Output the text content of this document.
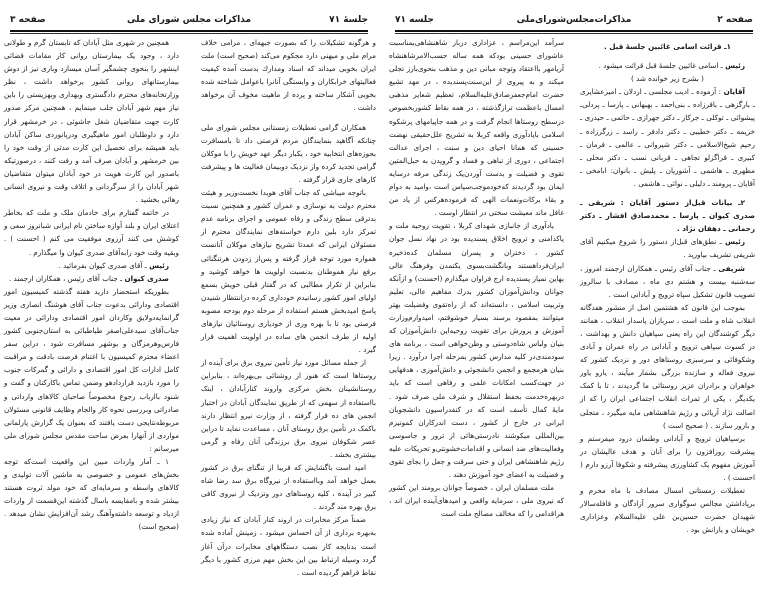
جلسهٔ ۷۱
مذاکرات مجلس شورای ملی
صفحه ۳

و هرگونه تشکیلات را که بصورت جبهه‌ای ، مرامی خلاف مرام ملی و میهنی دارد محکوم می‌کند (صحیح است) ملت ایران بخوبی میداند که اسناد ومدارك بدست آمده کیفیت فعالیتهای خرابکاران و وابستگی آنانرا باعوامل شناخته شده بخوبی آشکار ساخته و پرده از ماهیت مخوف آن برخواهد داشت .

همکاران گرامی تعطیلات زمستانی مجلس شورای ملی چنانکه آگاهید بنمایندگان مردم فرصتی داد تا بامسافرت بحوزه‌های انتخابیه خود ، یکبار دیگر عهد خویش را با موکلان گرامی تجدید کرده واز نزدیک دوبیمان فعالیت ها و پیشرفت کارهای جاری قرار گرفته .

باتوجه میباشی که جناب آقای هویدا نخست‌وزیر و هیئت محترم دولت به نوسازی و عمران کشور و همچنین نسبت بدترقی سطح زندگی و رفاه عمومی و اجرای برنامه عدم تمرکز دارد بلین دارم خواسته‌های نمایندگان محترم از مسئولان ایرانی که عمدتا تشریح نیازهای موکلان آنانست همواره مورد توجه قرار گرفته و پس‌از زدودن هرتنگنائی برفع نیاز هموطنان بدنسبت اولویت ها خواهد کوشید و بنابراین از تکرار مطالبی که در گفتار قبلی خویش بسمع اولیای امور کشور رسانیدم خودداری کرده دراننتظار شنیدن پاسخ امیدبخش هستم استفاده از مرحله دوم بودجه مصوبه فرصتی بود تا با بهره وری از خودیاری روستائیان نیازهای اولیه از طرف انجمن های ساده در اولویت اهمیت قرار گیرد .

از جمله مسائل مورد نیاز تأمین نیروی برق برای آینده از روستاها است که هنوز از روشنائی بی‌بهره‌اند ، بنابراین روستانشینان بخش مرکزی واروند کنارآبادان ، اینک بااستفاده از سهمی که از طریق نمایندگان آبادان در اختیار انجمن های ده قرار گرفته ، از وزارت نیرو انتظار دارند باکمک در تأمین برق روستای آنان ، مساعدت نماید تا دراین عصر شکوفان نیروی برق برزندگی آنان رفاه و گرمی بیشتری بخشد .

امید است باگشایش که قریبا از تنگنای برق در کشور بعمل خواهد آمد وبااستفاده از نیروگاه برق سد رضا شاه کبیر در آینده ، کلیه روستاهای دور ونزدیک از نیروی کافی برق بهره مند گردند .

ضمناً مرکز مخابرات در اروند کنار آبادان که نیاز زیادی به‌بهره برداری از آن احساس میشود ، زمینش آماده شده است بدنایجه کار نصب دستگاههای مخابرات درآن آغاز گردد وسیله ارتباط بین این بخش مهم مرزی کشور با دیگر نقاط فراهم گردیده است .

همچنین در شهری مثل آبادان که تابستان گرم و طولانی دارد ، وجود یک بیمارستان روانی کار مقامات قضائی اینشهر را بنحوی چشمگیر آسان میسازد وباری نیز از دوش بیمارستانهای روانی کشور برخواهد داشت ، نظر وزارتخانه‌های محترم دادگستری وبهداری وبهزیستی را باین نیاز مهم شهر آبادان جلب مینمایم ، همچنین مرکز صدور کارت جهت متقاضیان شغل جاشوئی ، در خرمشهر قرار دارد و داوطلبان امور ماهیگیری ودریانوردی ساکن آبادان باید همیشه برای تحصیل این کارت مدتی از وقت خود را بین خرمشهر و آبادان صرف آمد و رفت کنند ، درصورتیکه باصدور این کارت هویت در خود آبادان میتوان متقاضیان شهر آبادان را از سرگردانی و اتلاف وقت و نیروی انسانی رهائی بخشید .

در خاتمه گفتارم برای خادمان ملک و ملت که بخاطر اعتلای ایران و بلند آوازه ساختن نام ایرانی شبانروز سعی و کوشش می کنند آرزوی موفقیت می کنم ( احسنت ) . وبقیه وقت خود رابه‌آقای صدری کیوان وا میگذارم .

رئیس ـ آقای صدری کیوان بفرمائید .

صدری کیوان ـ جناب آقای رئیس ، همکاران ارجمند .

بطوریکه استحضار دارید هفته گذشته کمیسیون امور اقتصادی ودارائی بدعوت جناب آقای هوشنگ انصاری وزیر گرانمایه‌دولایق وکاردان امور اقتصادی ودارائی در معیت جناب‌آقای سیدعلی‌اصغر طباطبائی به استان‌جنوبی کشور فارس‌وهرمزگان و بوشهر مسافرت شود ، دراین سفر اعضاء محترم کمیسیون با اغتنام فرصت بادقت و مراقبت کامل ادارات کل امور اقتصادی و دارائی و گمرکات جنوب را مورد بازدید قراردادهو وضمن تماس باکارکنان و گفت و شنود باارباب رجوع مخصوصاً صاحبان کالاهای وارداتی و صادراتی وبررسی نحوه کار والجام وظایف قانونی مسئولان مربوطه‌نتایجی دست یافتند که بعنوان یک گزارش پارلمانی مواردی از آنهارا بعرض ساحت مقدس مجلس شورای ملی میرسانم :

۱ ـ آمار واردات مبین این واقعیت است‌که توجه بخش‌های عمومی و خصوصی به ماشین آلات تولیدی و کالاهای واسطه و سرمایه‌ای که خود مولد ثروت هستند بیشتر شده و بامقایسه باسال گذشته این‌قسمت از واردات ازدیاد و توسعه داشته‌وآهنگ رشد آن‌افزایش نشان میدهد . (صحیح است)

صفحه ۲
مذاکرات‌مجلس‌شورای‌ملی
جلسه ۷۱

۱ـ قرائت اسامی غائبین جلسهٔ قبل .

رئیس ـ اسامی غائبین جلسهٔ قبل قرائت میشود .

( بشرح زیر خوانده شد )

آقایان : آزموده ـ ادیب مجلسی ـ اردلان ـ امیرعشایری ـ بارگزهی ـ باقرزاده ـ بنی‌احمد ـ بهبهانی ـ پارسا ـ پردلی‌ـ پیشوائی ـ توکلی ـ جرکاز ـ دکتر جهرازی ـ حائمی ـ حیدری ـ خزیمه ـ دکتر خطیبی ـ دکتر دادفر ـ راسد ـ زرگرزاده ـ رحیم شیخ‌الاسلامی ـ دکتر شیروانی ـ عالمی ـ فرمان ـ کبیری ـ قراگزلو تجاهی ـ قربانی نسب ـ دکتر محلی ـ مظهری ـ هاشمی ـ آشوریان ـ پلیش ـ بانوان: ابامخی ـ آقایان ـ پرومند ـ دلیلی ـ نوائی ـ هاشمی .

۲ـ بیانات قبل‌از دستور آقایان : شریفی ـ صدری کیوان ـ پارسا ـ محمدصادق افشار ـ دکتر رحمانی ـ دهقان نژاد .

رئیس ـ نطق‌های قبل‌از دستور را شروع میکنیم آقای شریفی تشریف بیاورید .

شریفی ـ جناب آقای رئیس ـ همکاران ارجمند امروز ، سه‌شنبه بیست و هشتم دی ماه ، مصادف با سالروز تصویب قانون تشکیل سپاه ترویج و آبادانی است .

بموجب این قانون که هشتمین اصل از منشور هفدگانه انقلاب شاه و ملت است ، سربازان پاسدار انقلاب ، همانند دیگر کوشندگان این راه یعنی سپاهیان دانش و بهداشت ، در کسوت سپاهی ترویج و آبادانی در راه عمران و آبادی وشکوفائی و سرسبزی روستاهای دور و نزدیک کشور که نیروی فعاله و سازنده بزرگی بشمار میآیند ، یارو یاور خواهران و برادران عزیز روستائی ما گردیدند ، تا با کمک یکدیگر ، یکی از ثمرات انقلاب اجتماعی ایران را که از اصالت نژاد آریائی و رژیم شاهنشاهی مایه میگیرد ، متجلی و بارور سازند . ( صحیح است )

برسپاهیان ترویج و آبادانی وطنمان درود میفرستم و پیشرفت روزافزون را برای آنان و هدف عالیشان در آموزش مفهوم یک کشاورزی پیشرفته و شکوفا آرزو دارم ( احسنت ) .

تعطیلات زمستانی امسال مصادف با ماه محرم و برپاداشتن مجالس سوگواری سرور آزادگان و قافله‌سالار شهیدان حضرت حسین‌بن علی علیه‌السلام وعزاداری خویشان و یارانش بود .

سرآمد این‌مراسم ، عزاداری دربار شاهنشاهی‌بمناسبت عاشورای حسینی بودکه همه ساله حسب‌الامرشاهنشاه آریامهر بااعتقاد وتوجه مبانی دین و مذهب بنحوی‌بارز تجلی میکند و به پیروی از این‌سنت‌پسندیده ، در مهد تشیع حضرت امام‌جعفرصادق‌علیه‌السلام، تعظیم شعایر مذهبی امسال باعظمت ترازگذشته ، در همه نقاط کشوربخصوص درسطح روستاها انجام گرفت و در همه جاپیامهای پرشکوه اسلامی بایادآوری واقعه کربلا به تشریح علل‌حقیقی نهضت حسینی که همانا احیای دین و سنت ، اجرای عدالت اجتماعی ، دوری از تباهی و فساد و گرویدن به حبل‌المتین تقوی و فضیلت و بدست آوردن‌یک زندگی مرفه درسایه ایمان بود گردیدند که‌خودموجب‌سپاس است ،وامید به دوام و بقاء برکات‌ونعمات الهی که فرموده‌هرکس از یاد من غافل ماند معیشت سختی در انتظار اوست .

یادآوری از جانبازی شهدای کربلا ، تقویت روحیه ملت و پاکدامنی و ترویج اخلاق پسندیده بود در نهاد نسل جوان کشور ، دختران و پسران مسلمان کده‌ذخیره ایران‌فرداهستند وبانگشت‌بسوی یکتمدن وفرهنگ عالی بهاین نمیاز پسندیده ارج فراوان میگذارم (احسنت) و ازآنکه جوانان ودانش‌آموزان کشور بدرك مفاهیم عالی، تعلیم وتربیت اسلامی ، دانسته‌اند که از راه‌تقوی وفضیلت بهتر میتوانند بمقصود برسند بسیار خوشوقتم، امیدوارم‌وزارت آموزش و پرورش برای تقویت روحیه‌این دانش‌آموزان که بنیان ولباس شاه‌دوستی و وطن‌خواهی است ، برنامه های سودمندی‌در کلیه مدارس کشور بمرحله اجرا درآورد . زیرا بنیان هرمجمع و انجمن دانشجوئی و دانش‌آموزی ، هدفهایی در جهت‌کسب امکانات علمی و رفاهی است که باید دربهره‌خدمت بحفظ استقلال و شرف ملی صرف شود . مایهٔ کمال تأسف است که در کنفدراسیون دانشجویان ایرانی در خارج از کشور ، دست اندرکاران کمونیزم بین‌المللی میکوشند نادرستی‌هائی از ترور و جاسوسی وفعالیت‌های ضد انسانی و اقدامات‌خشونتی‌و تحریکات علیه رژیم شاهنشاهی ایران و حتی سرقت و جعل را بجای تقوی و فضیلت به اعضای خود آموزش دهند .

ملت مسلمان ایران ، خصوصاً جوانان برومند این کشور که نیروی ملی ، سرمایه واقعی و امیدهای‌آینده ایران اند ، هراقدامی را که مخالف مصالح ملت است
